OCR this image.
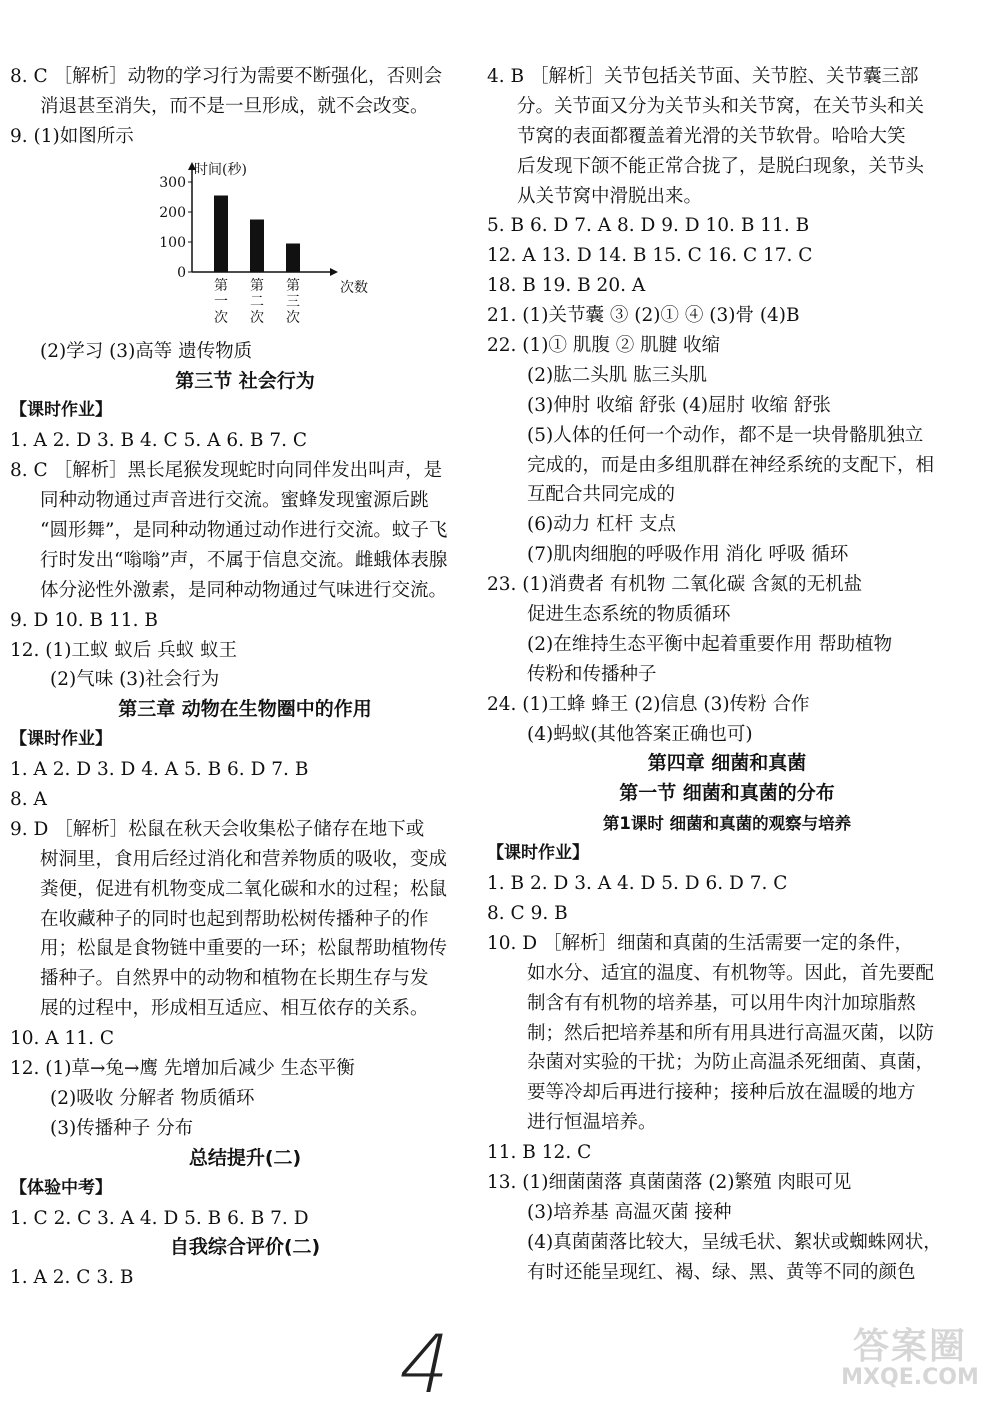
8. C ［解析］动物的学习行为需要不断强化，否则会
消退甚至消失，而不是一旦形成，就不会改变。
9. (1)如图所示
时间(秒)
次数
0
100
200
300
第
一
次
第
二
次
第
三
次
(2)学习 (3)高等 遗传物质
第三节 社会行为
【课时作业】
1. A 2. D 3. B 4. C 5. A 6. B 7. C
8. C ［解析］黑长尾猴发现蛇时向同伴发出叫声，是
同种动物通过声音进行交流。蜜蜂发现蜜源后跳
“圆形舞”，是同种动物通过动作进行交流。蚊子飞
行时发出“嗡嗡”声，不属于信息交流。雌蛾体表腺
体分泌性外激素，是同种动物通过气味进行交流。
9. D 10. B 11. B
12. (1)工蚁 蚁后 兵蚁 蚁王
(2)气味 (3)社会行为
第三章 动物在生物圈中的作用
【课时作业】
1. A 2. D 3. D 4. A 5. B 6. D 7. B
8. A
9. D ［解析］松鼠在秋天会收集松子储存在地下或
树洞里，食用后经过消化和营养物质的吸收，变成
粪便，促进有机物变成二氧化碳和水的过程；松鼠
在收藏种子的同时也起到帮助松树传播种子的作
用；松鼠是食物链中重要的一环；松鼠帮助植物传
播种子。自然界中的动物和植物在长期生存与发
展的过程中，形成相互适应、相互依存的关系。
10. A 11. C
12. (1)草→兔→鹰 先增加后减少 生态平衡
(2)吸收 分解者 物质循环
(3)传播种子 分布
总结提升(二)
【体验中考】
1. C 2. C 3. A 4. D 5. B 6. B 7. D
自我综合评价(二)
1. A 2. C 3. B
4. B ［解析］关节包括关节面、关节腔、关节囊三部
分。关节面又分为关节头和关节窝，在关节头和关
节窝的表面都覆盖着光滑的关节软骨。哈哈大笑
后发现下颌不能正常合拢了，是脱臼现象，关节头
从关节窝中滑脱出来。
5. B 6. D 7. A 8. D 9. D 10. B 11. B
12. A 13. D 14. B 15. C 16. C 17. C
18. B 19. B 20. A
21. (1)关节囊 ③ (2)① ④ (3)骨 (4)B
22. (1)① 肌腹 ② 肌腱 收缩
(2)肱二头肌 肱三头肌
(3)伸肘 收缩 舒张 (4)屈肘 收缩 舒张
(5)人体的任何一个动作，都不是一块骨骼肌独立
完成的，而是由多组肌群在神经系统的支配下，相
互配合共同完成的
(6)动力 杠杆 支点
(7)肌肉细胞的呼吸作用 消化 呼吸 循环
23. (1)消费者 有机物 二氧化碳 含氮的无机盐
促进生态系统的物质循环
(2)在维持生态平衡中起着重要作用 帮助植物
传粉和传播种子
24. (1)工蜂 蜂王 (2)信息 (3)传粉 合作
(4)蚂蚁(其他答案正确也可)
第四章 细菌和真菌
第一节 细菌和真菌的分布
第1课时 细菌和真菌的观察与培养
【课时作业】
1. B 2. D 3. A 4. D 5. D 6. D 7. C
8. C 9. B
10. D ［解析］细菌和真菌的生活需要一定的条件，
如水分、适宜的温度、有机物等。因此，首先要配
制含有有机物的培养基，可以用牛肉汁加琼脂熬
制；然后把培养基和所有用具进行高温灭菌，以防
杂菌对实验的干扰；为防止高温杀死细菌、真菌，
要等冷却后再进行接种；接种后放在温暖的地方
进行恒温培养。
11. B 12. C
13. (1)细菌菌落 真菌菌落 (2)繁殖 肉眼可见
(3)培养基 高温灭菌 接种
(4)真菌菌落比较大，呈绒毛状、絮状或蜘蛛网状，
有时还能呈现红、褐、绿、黑、黄等不同的颜色
4	答案圈
MXQE.COM
